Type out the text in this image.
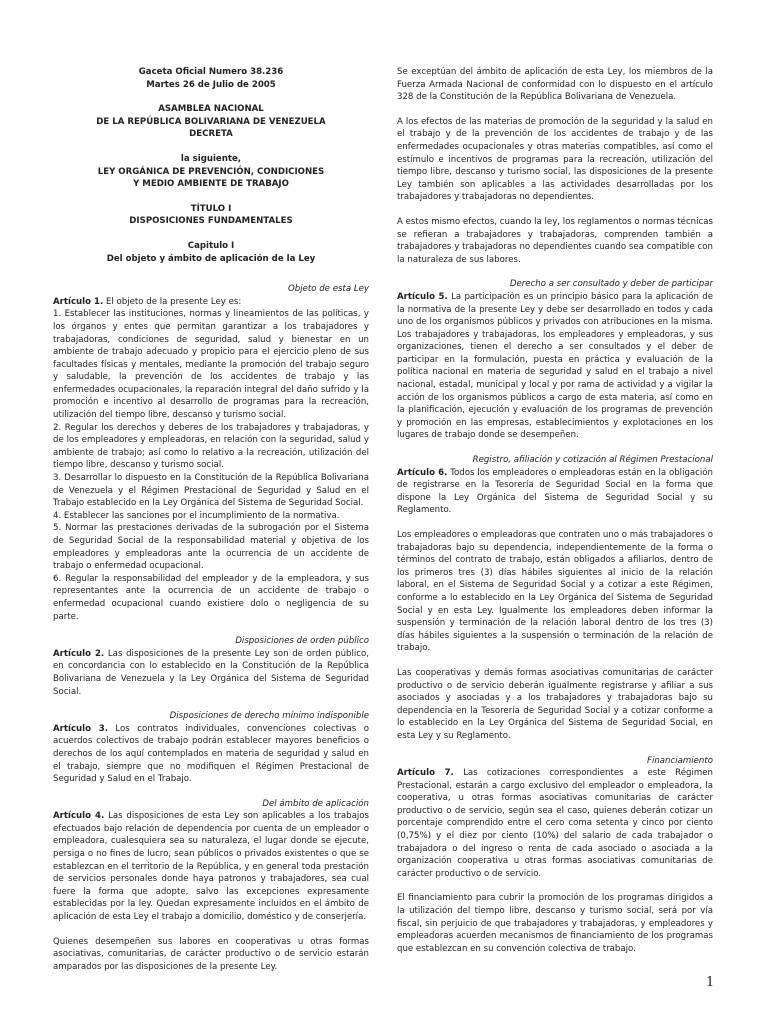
Gaceta Oficial Numero 38.236

Martes 26 de Julio de 2005

ASAMBLEA NACIONAL

DE LA REPÚBLICA BOLIVARIANA DE VENEZUELA

DECRETA

la siguiente,

LEY ORGÁNICA DE PREVENCIÓN, CONDICIONES

Y MEDIO AMBIENTE DE TRABAJO

TÍTULO I

DISPOSICIONES FUNDAMENTALES

Capitulo I

Del objeto y ámbito de aplicación de la Ley

Objeto de esta Ley

Artículo 1. El objeto de la presente Ley es:

1. Establecer las instituciones, normas y lineamientos de las políticas, y los órganos y entes que permitan garantizar a los trabajadores y trabajadoras, condiciones de seguridad, salud y bienestar en un ambiente de trabajo adecuado y propicio para el ejercicio pleno de sus facultades físicas y mentales, mediante la promoción del trabajo seguro y saludable, la prevención de los accidentes de trabajo y las enfermedades ocupacionales, la reparación integral del daño sufrido y la promoción e incentivo al desarrollo de programas para la recreación, utilización del tiempo libre, descanso y turismo social.
2. Regular los derechos y deberes de los trabajadores y trabajadoras, y de los empleadores y empleadoras, en relación con la seguridad, salud y ambiente de trabajo; así como lo relativo a la recreación, utilización del tiempo libre, descanso y turismo social.
3. Desarrollar lo dispuesto en la Constitución de la República Bolivariana de Venezuela y el Régimen Prestacional de Seguridad y Salud en el Trabajo establecido en la Ley Orgánica del Sistema de Seguridad Social.
4. Establecer las sanciones por el incumplimiento de la normativa.
5. Normar las prestaciones derivadas de la subrogación por el Sistema de Seguridad Social de la responsabilidad material y objetiva de los empleadores y empleadoras ante la ocurrencia de un accidente de trabajo o enfermedad ocupacional.
6. Regular la responsabilidad del empleador y de la empleadora, y sus representantes ante la ocurrencia de un accidente de trabajo o enfermedad ocupacional cuando existiere dolo o negligencia de su parte.

Disposiciones de orden público

Artículo 2. Las disposiciones de la presente Ley son de orden público, en concordancia con lo establecido en la Constitución de la República Bolivariana de Venezuela y la Ley Orgánica del Sistema de Seguridad Social.

Disposiciones de derecho mínimo indisponible

Artículo 3. Los contratos individuales, convenciones colectivas o acuerdos colectivos de trabajo podrán establecer mayores beneficios o derechos de los aquí contemplados en materia de seguridad y salud en el trabajo, siempre que no modifiquen el Régimen Prestacional de Seguridad y Salud en el Trabajo.

Del ámbito de aplicación

Artículo 4. Las disposiciones de esta Ley son aplicables a los trabajos efectuados bajo relación de dependencia por cuenta de un empleador o empleadora, cualesquiera sea su naturaleza, el lugar donde se ejecute, persiga o no fines de lucro, sean públicos o privados existentes o que se establezcan en el territorio de la República, y en general toda prestación de servicios personales donde haya patronos y trabajadores, sea cual fuere la forma que adopte, salvo las excepciones expresamente establecidas por la ley. Quedan expresamente incluidos en el ámbito de aplicación de esta Ley el trabajo a domicilio, doméstico y de conserjería.

Quienes desempeñen sus labores en cooperativas u otras formas asociativas, comunitarias, de carácter productivo o de servicio estarán amparados por las disposiciones de la presente Ley.

Se exceptúan del ámbito de aplicación de esta Ley, los miembros de la Fuerza Armada Nacional de conformidad con lo dispuesto en el artículo 328 de la Constitución de la República Bolivariana de Venezuela.

A los efectos de las materias de promoción de la seguridad y la salud en el trabajo y de la prevención de los accidentes de trabajo y de las enfermedades ocupacionales y otras materias compatibles, así como el estímulo e incentivos de programas para la recreación, utilización del tiempo libre, descanso y turismo social, las disposiciones de la presente Ley también son aplicables a las actividades desarrolladas por los trabajadores y trabajadoras no dependientes.

A estos mismo efectos, cuando la ley, los reglamentos o normas técnicas se refieran a trabajadores y trabajadoras, comprenden también a trabajadores y trabajadoras no dependientes cuando sea compatible con la naturaleza de sus labores.

Derecho a ser consultado y deber de participar

Artículo 5. La participación es un principio básico para la aplicación de la normativa de la presente Ley y debe ser desarrollado en todos y cada uno de los organismos públicos y privados con atribuciones en la misma. Los trabajadores y trabajadoras, los empleadores y empleadoras, y sus organizaciones, tienen el derecho a ser consultados y el deber de participar en la formulación, puesta en práctica y evaluación de la política nacional en materia de seguridad y salud en el trabajo a nivel nacional, estadal, municipal y local y por rama de actividad y a vigilar la acción de los organismos públicos a cargo de esta materia, así como en la planificación, ejecución y evaluación de los programas de prevención y promoción en las empresas, establecimientos y explotaciones en los lugares de trabajo donde se desempeñen.

Registro, afiliación y cotización al Régimen Prestacional

Artículo 6. Todos los empleadores o empleadoras están en la obligación de registrarse en la Tesorería de Seguridad Social en la forma que dispone la Ley Orgánica del Sistema de Seguridad Social y su Reglamento.

Los empleadores o empleadoras que contraten uno o más trabajadores o trabajadoras bajo su dependencia, independientemente de la forma o términos del contrato de trabajo, están obligados a afiliarlos, dentro de los primeros tres (3) días hábiles siguientes al inicio de la relación laboral, en el Sistema de Seguridad Social y a cotizar a este Régimen, conforme a lo establecido en la Ley Orgánica del Sistema de Seguridad Social y en esta Ley. Igualmente los empleadores deben informar la suspensión y terminación de la relación laboral dentro de los tres (3) días hábiles siguientes a la suspensión o terminación de la relación de trabajo.

Las cooperativas y demás formas asociativas comunitarias de carácter productivo o de servicio deberán igualmente registrarse y afiliar a sus asociados y asociadas y a los trabajadores y trabajadoras bajo su dependencia en la Tesorería de Seguridad Social y a cotizar conforme a lo establecido en la Ley Orgánica del Sistema de Seguridad Social, en esta Ley y su Reglamento.

Financiamiento

Artículo 7. Las cotizaciones correspondientes a este Régimen Prestacional, estarán a cargo exclusivo del empleador o empleadora, la cooperativa, u otras formas asociativas comunitarias de carácter productivo o de servicio, según sea el caso, quienes deberán cotizar un porcentaje comprendido entre el cero coma setenta y cinco por ciento (0,75%) y el diez por ciento (10%) del salario de cada trabajador o trabajadora o del ingreso o renta de cada asociado o asociada a la organización cooperativa u otras formas asociativas comunitarias de carácter productivo o de servicio.

El financiamiento para cubrir la promoción de los programas dirigidos a la utilización del tiempo libre, descanso y turismo social, será por vía fiscal, sin perjuicio de que trabajadores y trabajadoras, y empleadores y empleadoras acuerden mecanismos de financiamiento de los programas que establezcan en su convención colectiva de trabajo.

1
